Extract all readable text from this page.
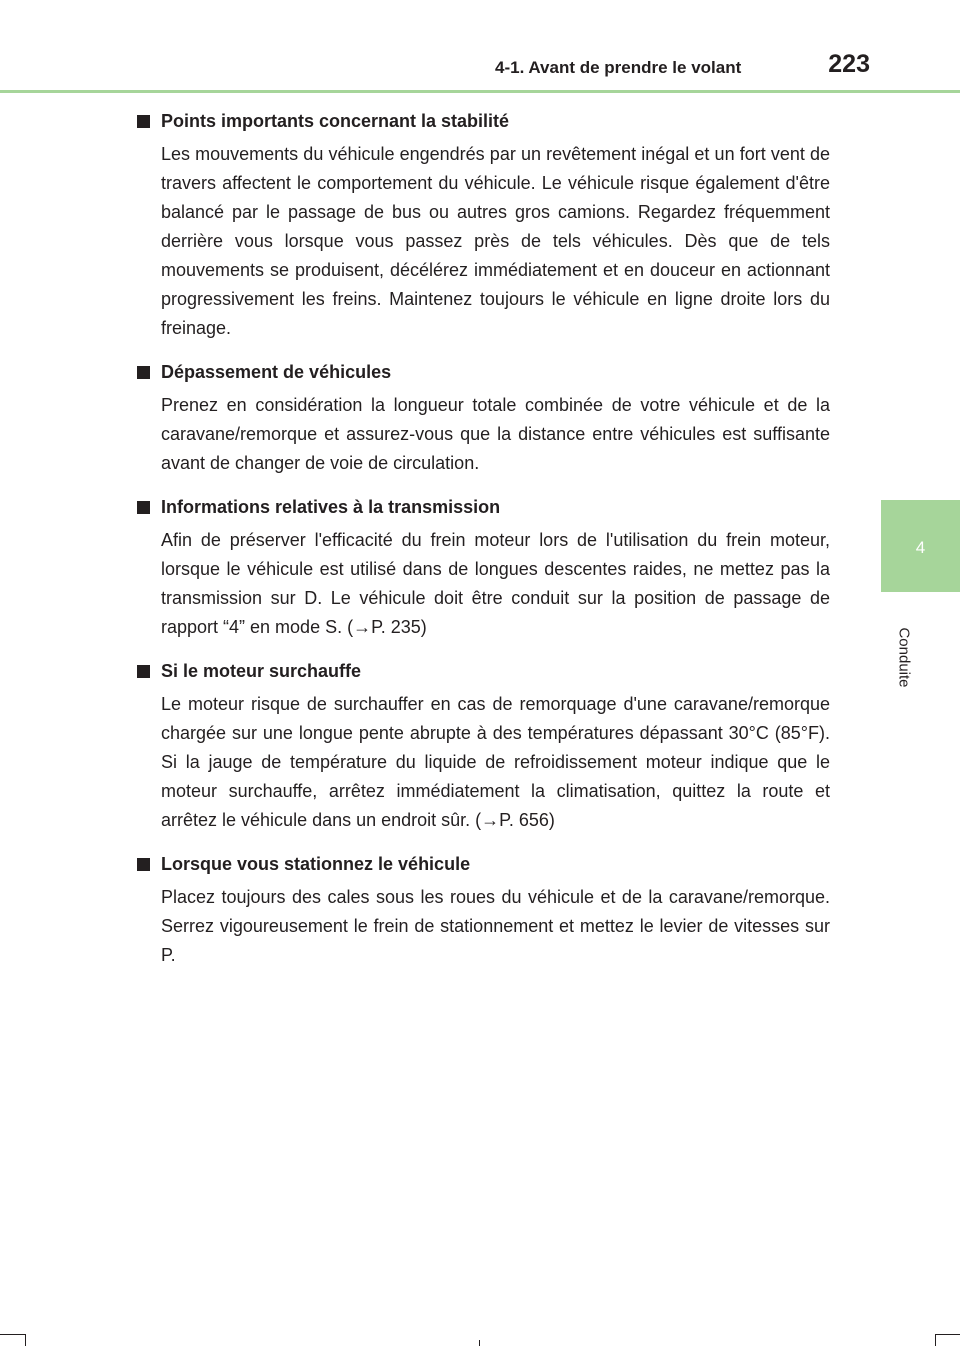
4-1. Avant de prendre le volant	223
4
Conduite
Points importants concernant la stabilité

Les mouvements du véhicule engendrés par un revêtement inégal et un fort vent de travers affectent le comportement du véhicule. Le véhicule risque également d'être balancé par le passage de bus ou autres gros camions. Regardez fréquemment derrière vous lorsque vous passez près de tels véhicules. Dès que de tels mouvements se produisent, décélérez immédiatement et en douceur en actionnant progressivement les freins. Maintenez toujours le véhicule en ligne droite lors du freinage.

Dépassement de véhicules

Prenez en considération la longueur totale combinée de votre véhicule et de la caravane/remorque et assurez-vous que la distance entre véhicules est suffisante avant de changer de voie de circulation.

Informations relatives à la transmission

Afin de préserver l'efficacité du frein moteur lors de l'utilisation du frein moteur, lorsque le véhicule est utilisé dans de longues descentes raides, ne mettez pas la transmission sur D. Le véhicule doit être conduit sur la position de passage de rapport “4” en mode S. (→P. 235)

Si le moteur surchauffe

Le moteur risque de surchauffer en cas de remorquage d'une caravane/remorque chargée sur une longue pente abrupte à des températures dépassant 30°C (85°F). Si la jauge de température du liquide de refroidissement moteur indique que le moteur surchauffe, arrêtez immédiatement la climatisation, quittez la route et arrêtez le véhicule dans un endroit sûr. (→P. 656)

Lorsque vous stationnez le véhicule

Placez toujours des cales sous les roues du véhicule et de la caravane/remorque. Serrez vigoureusement le frein de stationnement et mettez le levier de vitesses sur P.
